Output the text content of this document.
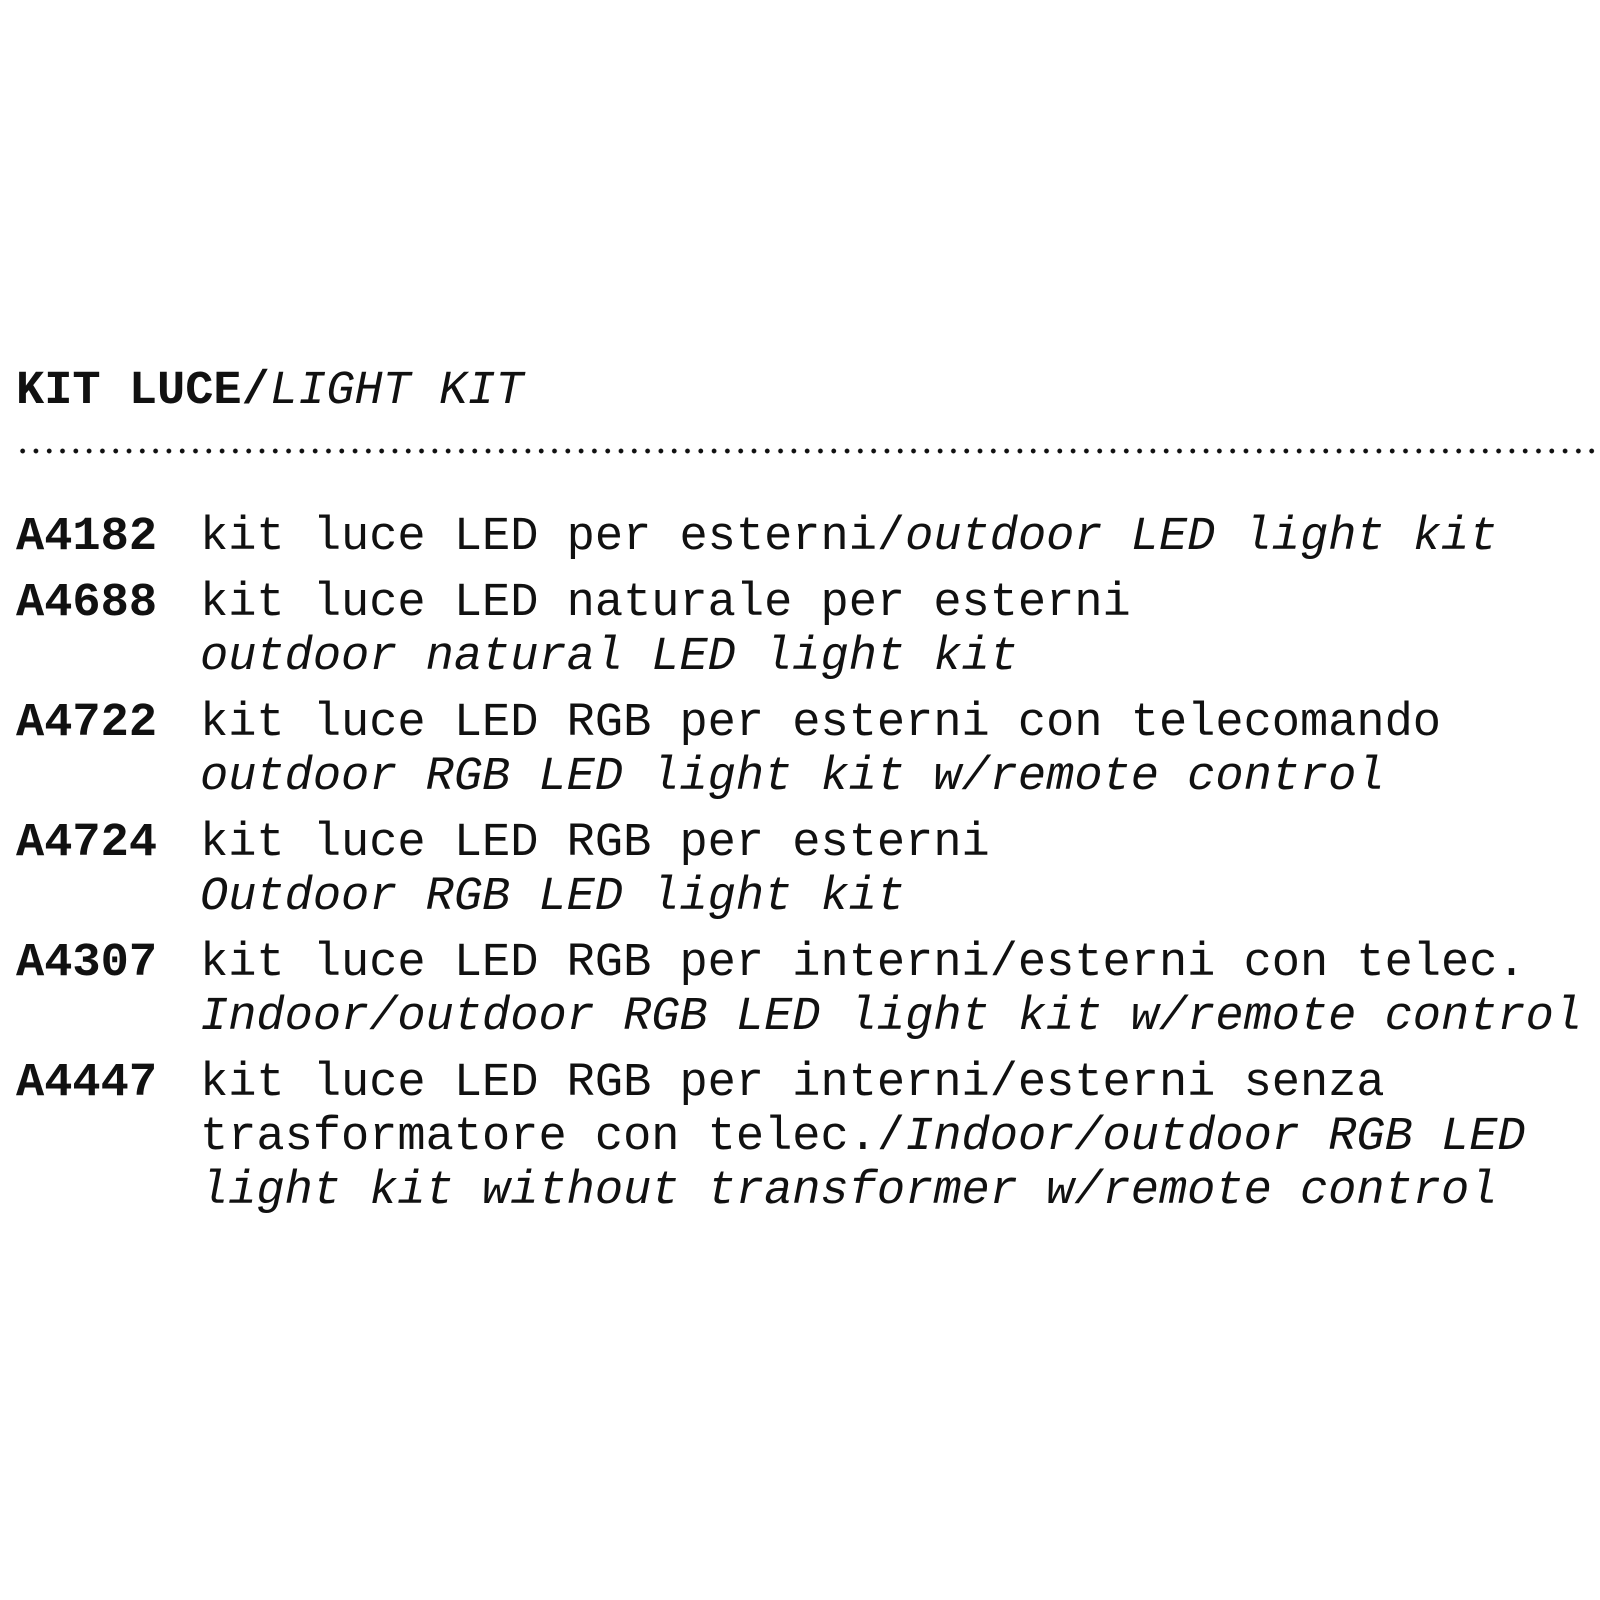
KIT LUCE/LIGHT KIT
A4182 kit luce LED per esterni/outdoor LED light kit
A4688 kit luce LED naturale per esterni
outdoor natural LED light kit
A4722 kit luce LED RGB per esterni con telecomando
outdoor RGB LED light kit w/remote control
A4724 kit luce LED RGB per esterni
Outdoor RGB LED light kit
A4307 kit luce LED RGB per interni/esterni con telec.
Indoor/outdoor RGB LED light kit w/remote control
A4447 kit luce LED RGB per interni/esterni senza
trasformatore con telec./Indoor/outdoor RGB LED
light kit without transformer w/remote control
